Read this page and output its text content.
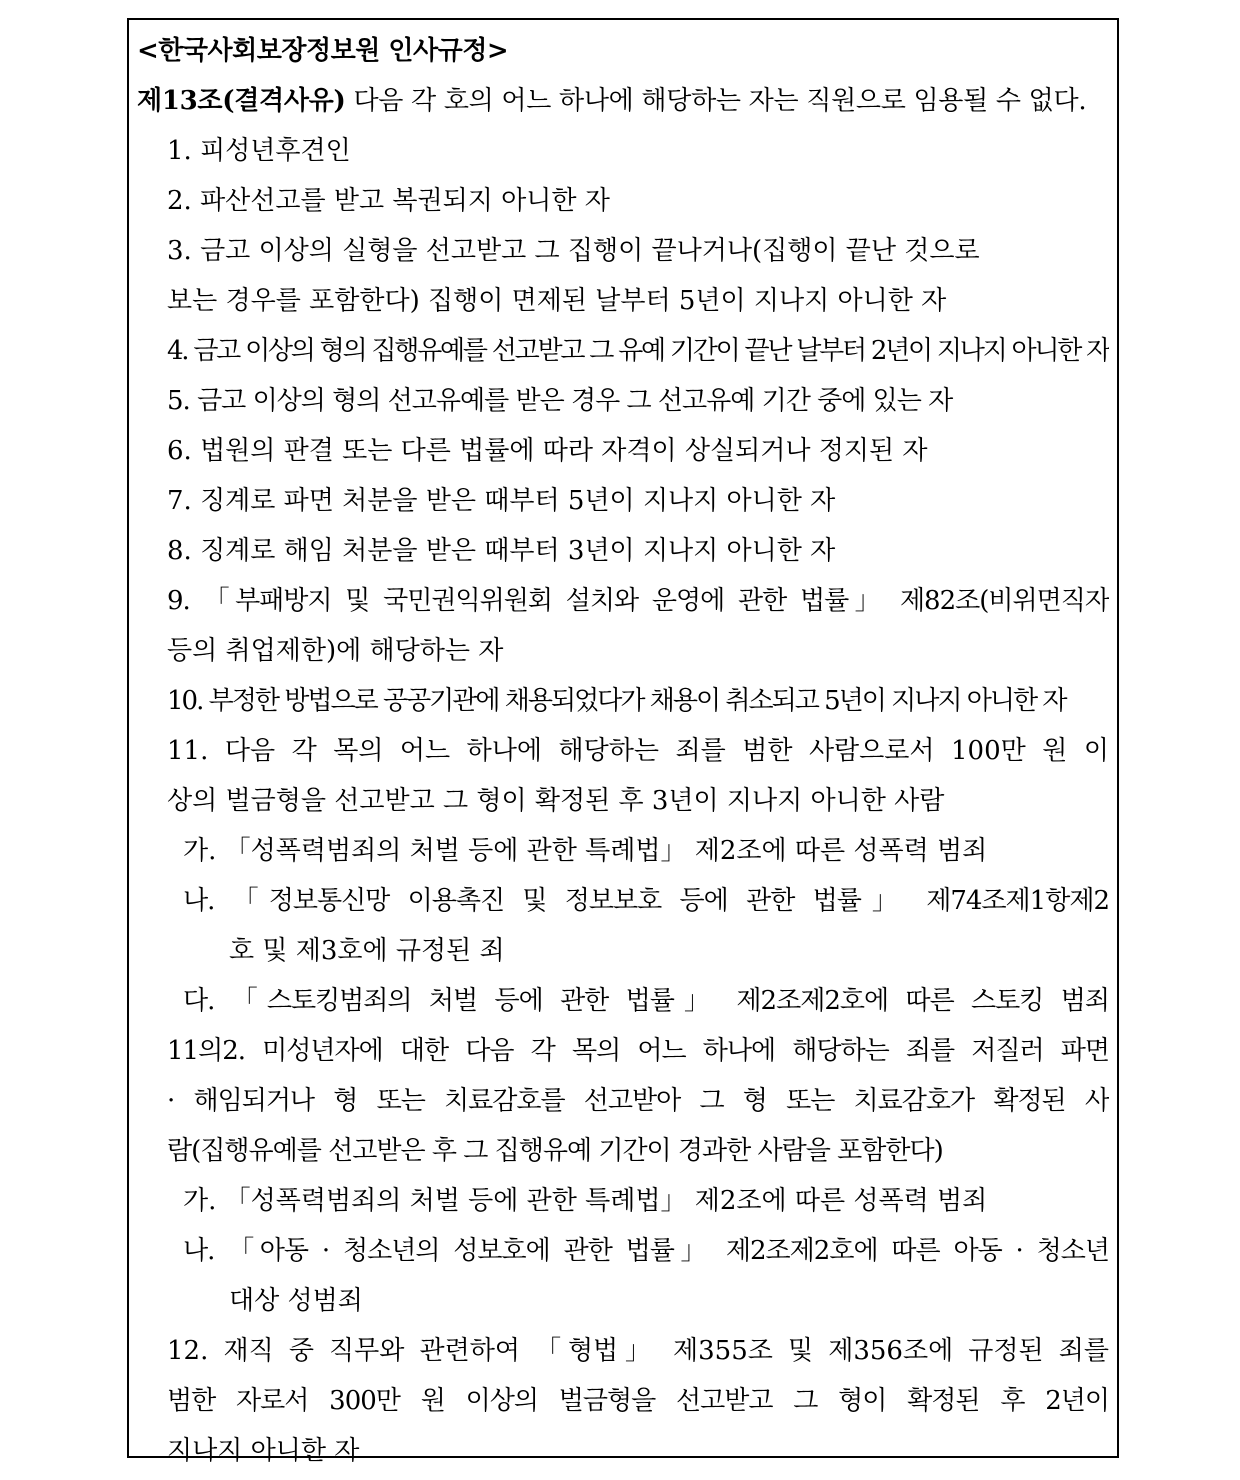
<한국사회보장정보원 인사규정>
제13조(결격사유) 다음 각 호의 어느 하나에 해당하는 자는 직원으로 임용될 수 없다.
1. 피성년후견인
2. 파산선고를 받고 복권되지 아니한 자
3. 금고 이상의 실형을 선고받고 그 집행이 끝나거나(집행이 끝난 것으로
보는 경우를 포함한다) 집행이 면제된 날부터 5년이 지나지 아니한 자
4. 금고 이상의 형의 집행유예를 선고받고 그 유예 기간이 끝난 날부터 2년이 지나지 아니한 자
5. 금고 이상의 형의 선고유예를 받은 경우 그 선고유예 기간 중에 있는 자
6. 법원의 판결 또는 다른 법률에 따라 자격이 상실되거나 정지된 자
7. 징계로 파면 처분을 받은 때부터 5년이 지나지 아니한 자
8. 징계로 해임 처분을 받은 때부터 3년이 지나지 아니한 자
9. 「부패방지 및 국민권익위원회 설치와 운영에 관한 법률」 제82조(비위면직자
등의 취업제한)에 해당하는 자
10. 부정한 방법으로 공공기관에 채용되었다가 채용이 취소되고 5년이 지나지 아니한 자
11. 다음 각 목의 어느 하나에 해당하는 죄를 범한 사람으로서 100만 원 이
상의 벌금형을 선고받고 그 형이 확정된 후 3년이 지나지 아니한 사람
가. 「성폭력범죄의 처벌 등에 관한 특례법」 제2조에 따른 성폭력 범죄
나. 「정보통신망 이용촉진 및 정보보호 등에 관한 법률」 제74조제1항제2
호 및 제3호에 규정된 죄
다. 「스토킹범죄의 처벌 등에 관한 법률」 제2조제2호에 따른 스토킹 범죄
11의2. 미성년자에 대한 다음 각 목의 어느 하나에 해당하는 죄를 저질러 파면
· 해임되거나 형 또는 치료감호를 선고받아 그 형 또는 치료감호가 확정된 사
람(집행유예를 선고받은 후 그 집행유예 기간이 경과한 사람을 포함한다)
가. 「성폭력범죄의 처벌 등에 관한 특례법」 제2조에 따른 성폭력 범죄
나. 「아동 · 청소년의 성보호에 관한 법률」 제2조제2호에 따른 아동 · 청소년
대상 성범죄
12. 재직 중 직무와 관련하여 「형법」 제355조 및 제356조에 규정된 죄를
범한 자로서 300만 원 이상의 벌금형을 선고받고 그 형이 확정된 후 2년이
지나지 아니한 자
